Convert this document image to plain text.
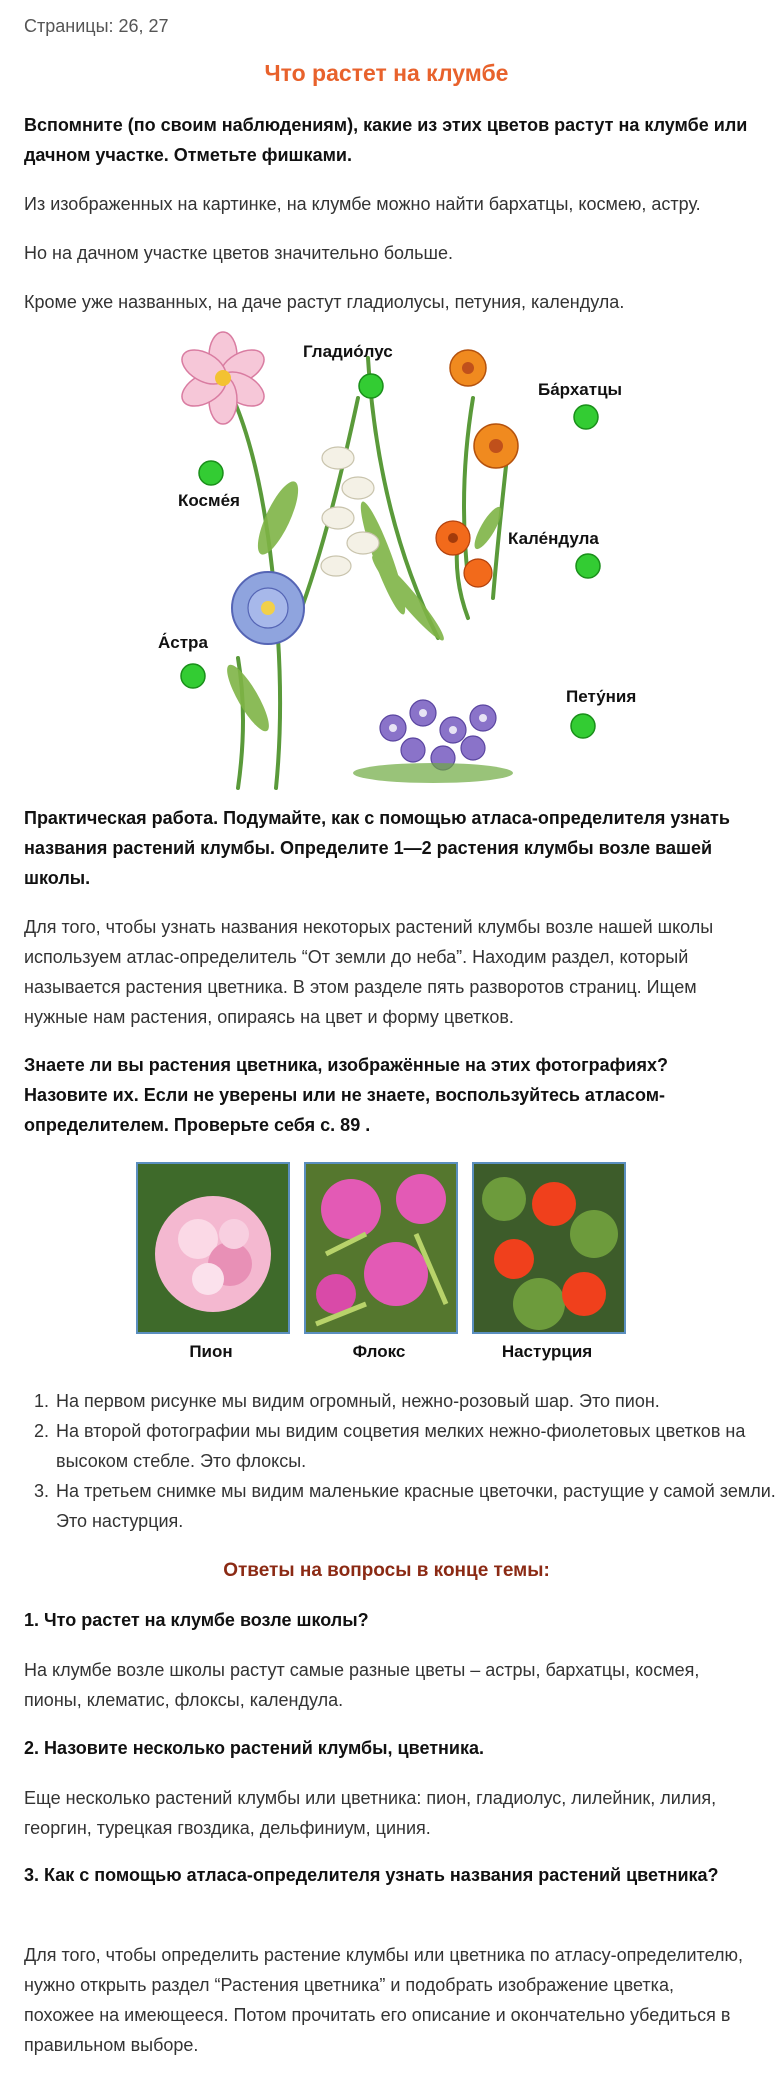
Страницы: 26, 27
Что растет на клумбе

Вспомните (по своим наблюдениям), какие из этих цветов растут на клумбе или дачном участке. Отметьте фишками.

Из изображенных на картинке, на клумбе можно найти бархатцы, космею, астру.

Но на дачном участке цветов значительно больше.

Кроме уже названных, на даче растут гладиолусы, петуния, календула.

Гладио́лус
Ба́рхатцы
Косме́я
Кале́ндула
А́стра
Пету́ния

Практическая работа. Подумайте, как с помощью атласа-определителя узнать названия растений клумбы. Определите 1—2 растения клумбы возле вашей школы.

Для того, чтобы узнать названия некоторых растений клумбы возле нашей школы используем атлас-определитель “От земли до неба”. Находим раздел, который называется растения цветника. В этом разделе пять разворотов страниц. Ищем нужные нам растения, опираясь на цвет и форму цветков.

Знаете ли вы растения цветника, изображённые на этих фотографиях? Назовите их. Если не уверены или не знаете, воспользуйтесь атласом-определителем. Проверьте себя с. 89 .

Пион	Флокс	Настурция
1. На первом рисунке мы видим огромный, нежно-розовый шар. Это пион.
2. На второй фотографии мы видим соцветия мелких нежно-фиолетовых цветков на высоком стебле. Это флоксы.
3. На третьем снимке мы видим маленькие красные цветочки, растущие у самой земли. Это настурция.
Ответы на вопросы в конце темы:

1. Что растет на клумбе возле школы?

На клумбе возле школы растут самые разные цветы – астры, бархатцы, космея, пионы, клематис, флоксы, календула.

2. Назовите несколько растений клумбы, цветника.

Еще несколько растений клумбы или цветника: пион, гладиолус, лилейник, лилия, георгин, турецкая гвоздика, дельфиниум, циния.

3. Как с помощью атласа-определителя узнать названия растений цветника?

Для того, чтобы определить растение клумбы или цветника по атласу-определителю, нужно открыть раздел “Растения цветника” и подобрать изображение цветка, похожее на имеющееся. Потом прочитать его описание и окончательно убедиться в правильном выборе.
